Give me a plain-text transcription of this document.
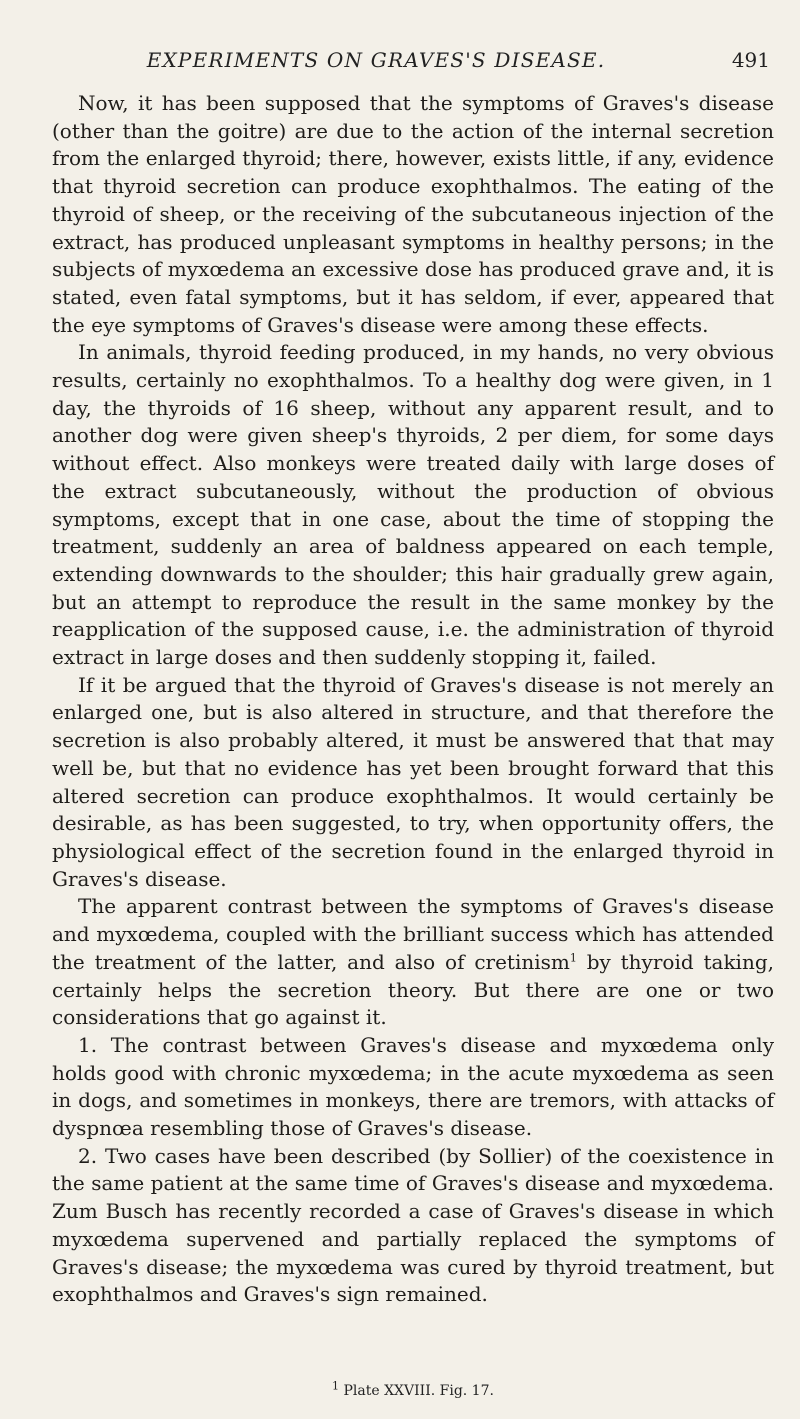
EXPERIMENTS ON GRAVES'S DISEASE.	491

Now, it has been supposed that the symptoms of Graves's disease (other than the goitre) are due to the action of the internal secretion from the enlarged thyroid; there, however, exists little, if any, evidence that thyroid secretion can produce exophthalmos. The eating of the thyroid of sheep, or the receiving of the subcutaneous injection of the extract, has produced unpleasant symptoms in healthy persons; in the subjects of myxœdema an excessive dose has produced grave and, it is stated, even fatal symptoms, but it has seldom, if ever, appeared that the eye symptoms of Graves's disease were among these effects.

In animals, thyroid feeding produced, in my hands, no very obvious results, certainly no exophthalmos. To a healthy dog were given, in 1 day, the thyroids of 16 sheep, without any apparent result, and to another dog were given sheep's thyroids, 2 per diem, for some days without effect. Also monkeys were treated daily with large doses of the extract subcutaneously, without the production of obvious symptoms, except that in one case, about the time of stopping the treatment, suddenly an area of baldness appeared on each temple, extending downwards to the shoulder; this hair gradually grew again, but an attempt to reproduce the result in the same monkey by the reapplication of the supposed cause, i.e. the administration of thyroid extract in large doses and then suddenly stopping it, failed.

If it be argued that the thyroid of Graves's disease is not merely an enlarged one, but is also altered in structure, and that therefore the secretion is also probably altered, it must be answered that that may well be, but that no evidence has yet been brought forward that this altered secretion can produce exophthalmos. It would certainly be desirable, as has been suggested, to try, when opportunity offers, the physiological effect of the secretion found in the enlarged thyroid in Graves's disease.

The apparent contrast between the symptoms of Graves's disease and myxœdema, coupled with the brilliant success which has attended the treatment of the latter, and also of cretinism$^1$ by thyroid taking, certainly helps the secretion theory. But there are one or two considerations that go against it.

1. The contrast between Graves's disease and myxœdema only holds good with chronic myxœdema; in the acute myxœdema as seen in dogs, and sometimes in monkeys, there are tremors, with attacks of dyspnœa resembling those of Graves's disease.

2. Two cases have been described (by Sollier) of the coexistence in the same patient at the same time of Graves's disease and myxœdema. Zum Busch has recently recorded a case of Graves's disease in which myxœdema supervened and partially replaced the symptoms of Graves's disease; the myxœdema was cured by thyroid treatment, but exophthalmos and Graves's sign remained.

$^1$ Plate XXVIII. Fig. 17.
